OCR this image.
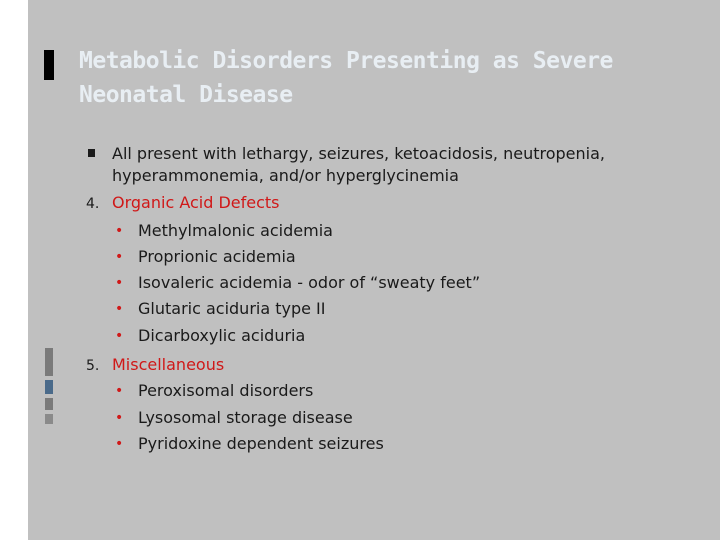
Metabolic Disorders Presenting as Severe Neonatal Disease
All present with lethargy, seizures, ketoacidosis, neutropenia,
hyperammonemia, and/or hyperglycinemia
4. Organic Acid Defects
• Methylmalonic acidemia
• Proprionic acidemia
• Isovaleric acidemia - odor of “sweaty feet”
• Glutaric aciduria type II
• Dicarboxylic aciduria
5. Miscellaneous
• Peroxisomal disorders
• Lysosomal storage disease
• Pyridoxine dependent seizures
